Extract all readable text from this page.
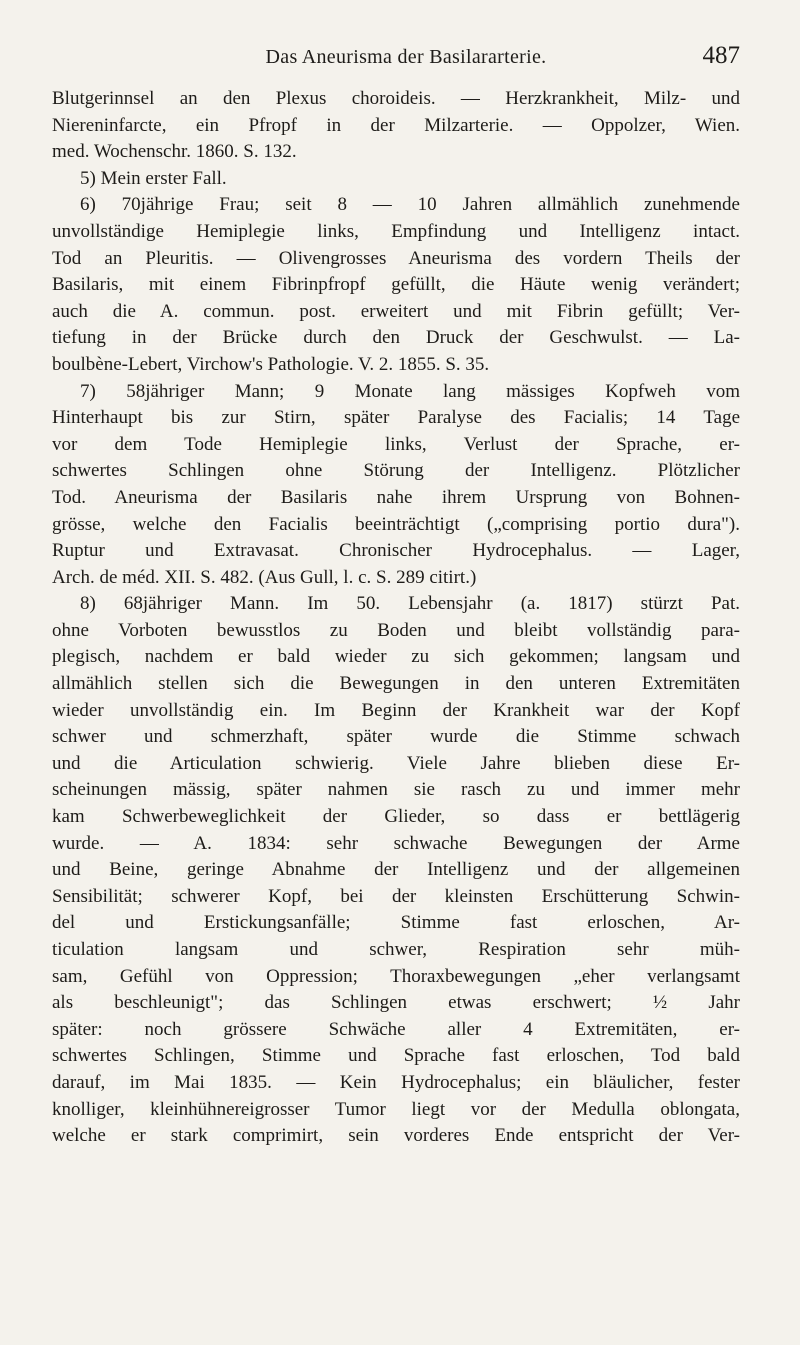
Das Aneurisma der Basilararterie.	487
Blutgerinnsel an den Plexus choroideis. — Herzkrankheit, Milz- und
Niereninfarcte, ein Pfropf in der Milzarterie. — Oppolzer, Wien.
med. Wochenschr. 1860. S. 132.
5) Mein erster Fall.
6) 70jährige Frau; seit 8 — 10 Jahren allmählich zunehmende
unvollständige Hemiplegie links, Empfindung und Intelligenz intact.
Tod an Pleuritis. — Olivengrosses Aneurisma des vordern Theils der
Basilaris, mit einem Fibrinpfropf gefüllt, die Häute wenig verändert;
auch die A. commun. post. erweitert und mit Fibrin gefüllt; Ver-
tiefung in der Brücke durch den Druck der Geschwulst. — La-
boulbène-Lebert, Virchow's Pathologie. V. 2. 1855. S. 35.
7) 58jähriger Mann; 9 Monate lang mässiges Kopfweh vom
Hinterhaupt bis zur Stirn, später Paralyse des Facialis; 14 Tage
vor dem Tode Hemiplegie links, Verlust der Sprache, er-
schwertes Schlingen ohne Störung der Intelligenz. Plötzlicher
Tod. Aneurisma der Basilaris nahe ihrem Ursprung von Bohnen-
grösse, welche den Facialis beeinträchtigt („comprising portio dura").
Ruptur und Extravasat. Chronischer Hydrocephalus. — Lager,
Arch. de méd. XII. S. 482. (Aus Gull, l. c. S. 289 citirt.)
8) 68jähriger Mann. Im 50. Lebensjahr (a. 1817) stürzt Pat.
ohne Vorboten bewusstlos zu Boden und bleibt vollständig para-
plegisch, nachdem er bald wieder zu sich gekommen; langsam und
allmählich stellen sich die Bewegungen in den unteren Extremitäten
wieder unvollständig ein. Im Beginn der Krankheit war der Kopf
schwer und schmerzhaft, später wurde die Stimme schwach
und die Articulation schwierig. Viele Jahre blieben diese Er-
scheinungen mässig, später nahmen sie rasch zu und immer mehr
kam Schwerbeweglichkeit der Glieder, so dass er bettlägerig
wurde. — A. 1834: sehr schwache Bewegungen der Arme
und Beine, geringe Abnahme der Intelligenz und der allgemeinen
Sensibilität; schwerer Kopf, bei der kleinsten Erschütterung Schwin-
del und Erstickungsanfälle; Stimme fast erloschen, Ar-
ticulation langsam und schwer, Respiration sehr müh-
sam, Gefühl von Oppression; Thoraxbewegungen „eher verlangsamt
als beschleunigt"; das Schlingen etwas erschwert; ½ Jahr
später: noch grössere Schwäche aller 4 Extremitäten, er-
schwertes Schlingen, Stimme und Sprache fast erloschen, Tod bald
darauf, im Mai 1835. — Kein Hydrocephalus; ein bläulicher, fester
knolliger, kleinhühnereigrosser Tumor liegt vor der Medulla oblongata,
welche er stark comprimirt, sein vorderes Ende entspricht der Ver-
